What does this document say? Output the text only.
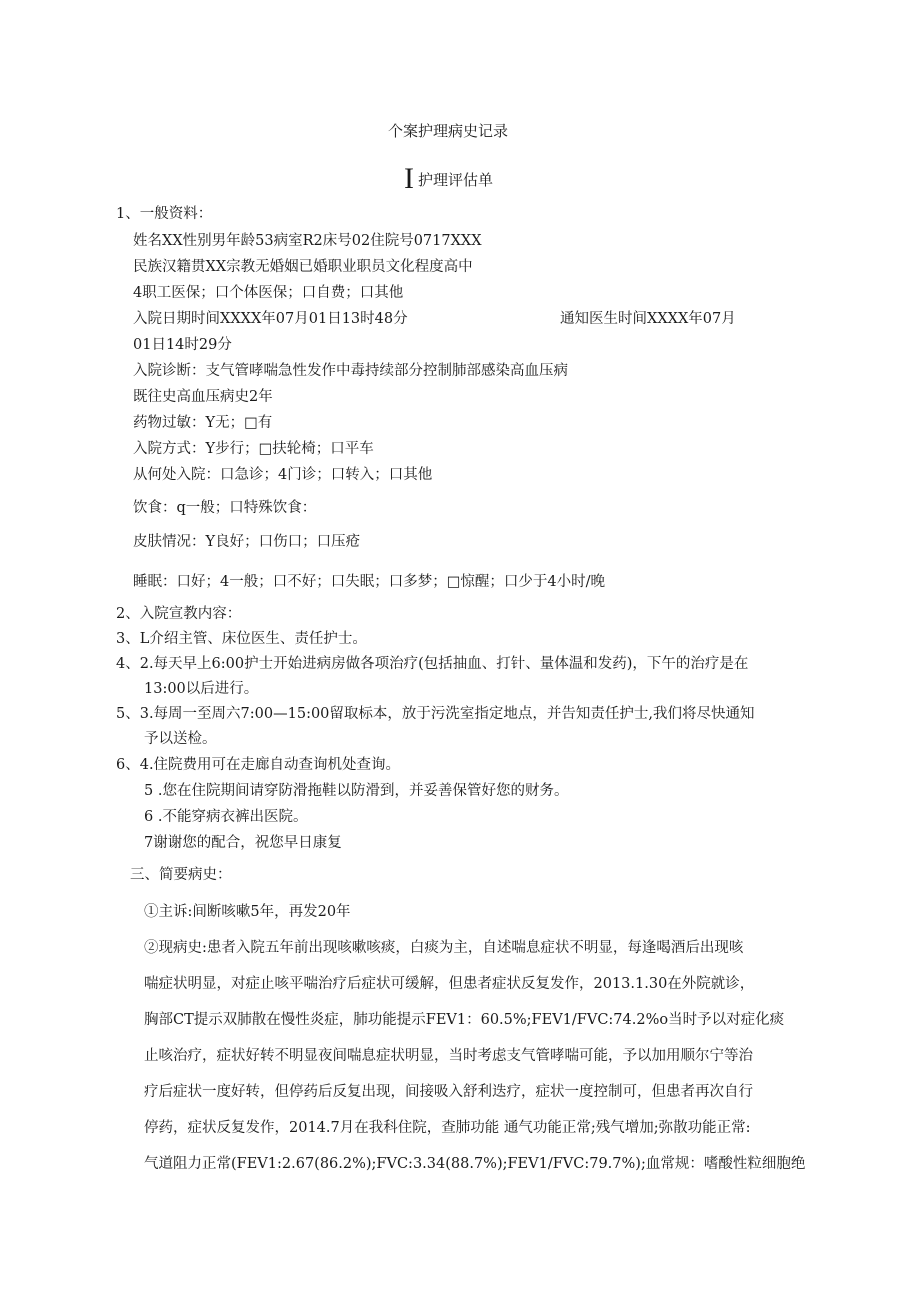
个案护理病史记录
I护理评估单
1、一般资料：
姓名XX性别男年龄53病室R2床号02住院号0717XXX
民族汉籍贯XX宗教无婚姻已婚职业职员文化程度高中
4职工医保；口个体医保；口自费；口其他
入院日期时间XXXX年07月01日13时48分	通知医生时间XXXX年07月
01日14时29分
入院诊断：支气管哮喘急性发作中毒持续部分控制肺部感染高血压病
既往史高血压病史2年
药物过敏：Y无；□有
入院方式：Y步行；□扶轮椅；口平车
从何处入院：口急诊；4门诊；口转入；口其他
饮食：q一般；口特殊饮食：
皮肤情况：Y良好；口伤口；口压疮
睡眠：口好；4一般；口不好；口失眠；口多梦；□惊醒；口少于4小时/晚
2、入院宣教内容：
3、L介绍主管、床位医生、责任护士。
4、2.每天早上6:00护士开始进病房做各项治疗(包括抽血、打针、量体温和发药)，下午的治疗是在
13:00以后进行。
5、3.每周一至周六7:00—15:00留取标本，放于污洗室指定地点，并告知责任护士,我们将尽快通知
予以送检。
6、4.住院费用可在走廊自动查询机处查询。
5 .您在住院期间请穿防滑拖鞋以防滑到，并妥善保管好您的财务。
6 .不能穿病衣裤出医院。
7谢谢您的配合，祝您早日康复
三、简要病史：
①主诉:间断咳嗽5年，再发20年
②现病史:患者入院五年前出现咳嗽咳痰，白痰为主，自述喘息症状不明显，每逢喝酒后出现咳
喘症状明显，对症止咳平喘治疗后症状可缓解，但患者症状反复发作，2013.1.30在外院就诊，
胸部CT提示双肺散在慢性炎症，肺功能提示FEV1：60.5%;FEV1/FVC:74.2%o当时予以对症化痰
止咳治疗，症状好转不明显夜间喘息症状明显，当时考虑支气管哮喘可能，予以加用顺尔宁等治
疗后症状一度好转，但停药后反复出现，间接吸入舒利迭疗，症状一度控制可，但患者再次自行
停药，症状反复发作，2014.7月在我科住院，查肺功能 通气功能正常;残气增加;弥散功能正常:
气道阻力正常(FEV1:2.67(86.2%);FVC:3.34(88.7%);FEV1/FVC:79.7%);血常规：嗜酸性粒细胞绝
